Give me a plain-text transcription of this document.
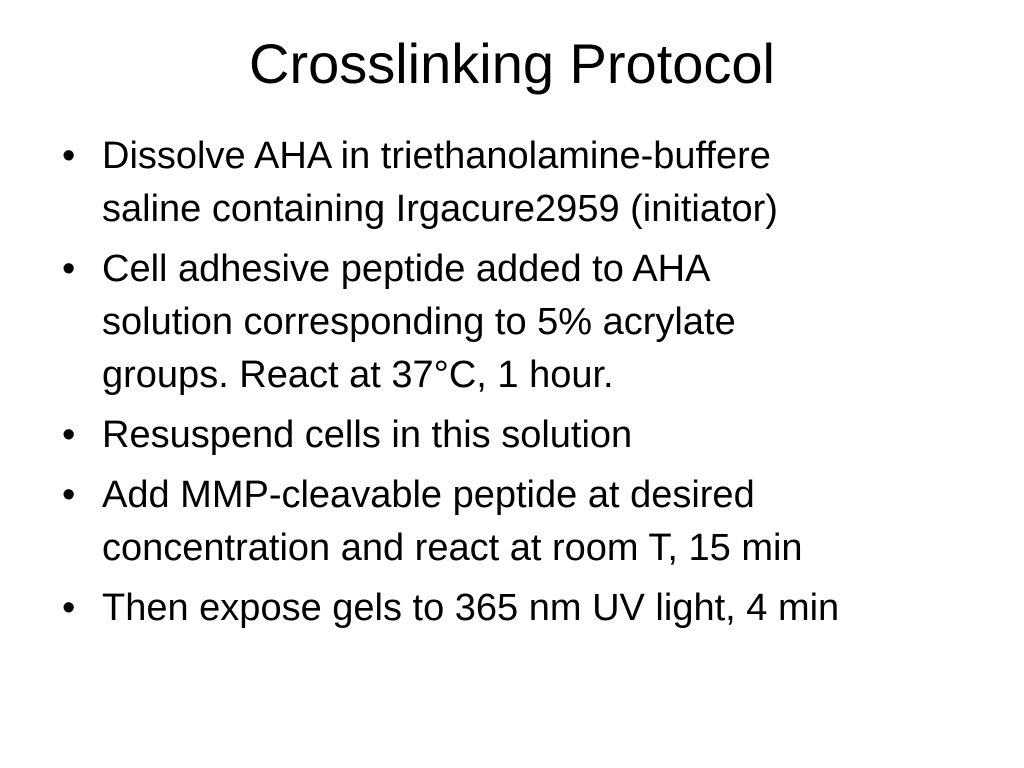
Crosslinking Protocol
• Dissolve AHA in triethanolamine-buffere
saline containing Irgacure2959 (initiator)
• Cell adhesive peptide added to AHA
solution corresponding to 5% acrylate
groups. React at 37°C, 1 hour.
• Resuspend cells in this solution
• Add MMP-cleavable peptide at desired
concentration and react at room T, 15 min
• Then expose gels to 365 nm UV light, 4 min
